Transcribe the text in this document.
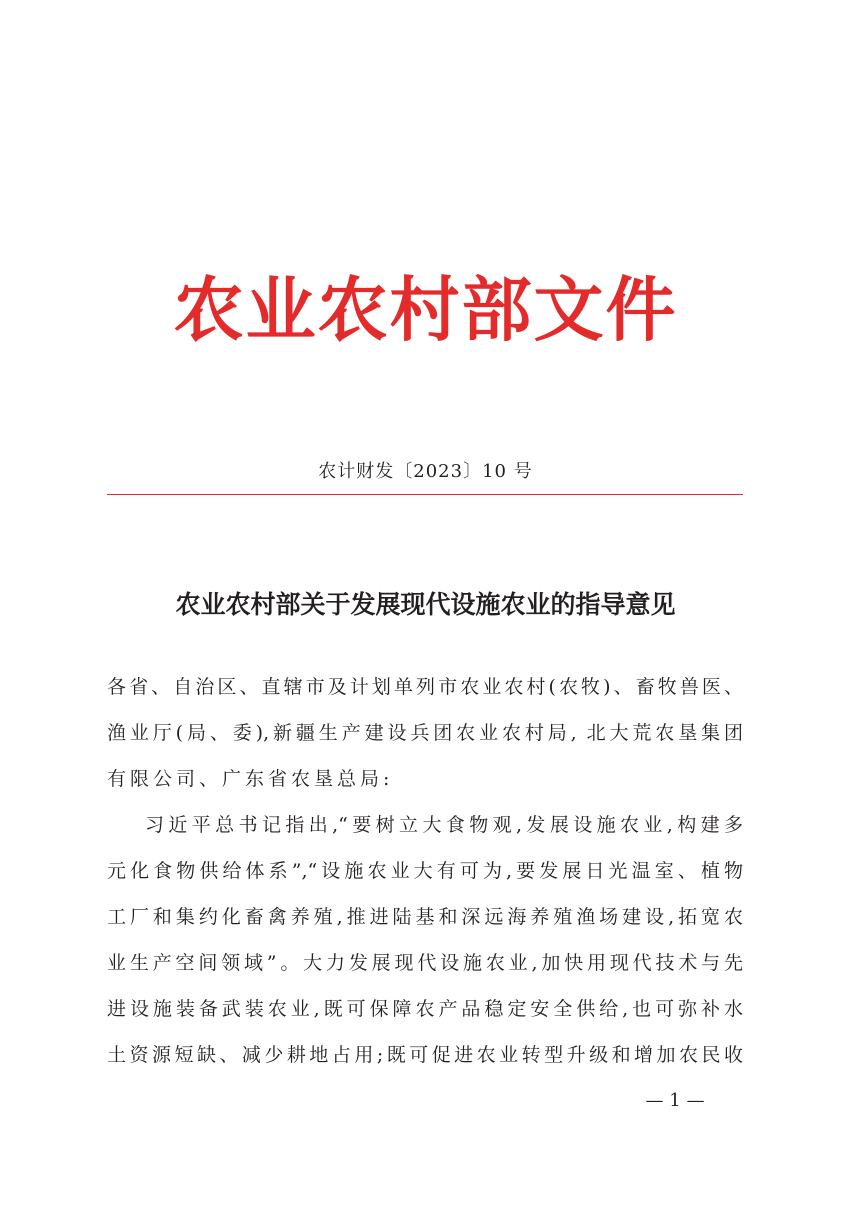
农业农村部文件
农计财发〔2023〕10 号
农业农村部关于发展现代设施农业的指导意见
各省、自治区、直辖市及计划单列市农业农村(农牧)、畜牧兽医、
渔业厅(局、委),新疆生产建设兵团农业农村局, 北大荒农垦集团
有限公司、广东省农垦总局:
习近平总书记指出,“要树立大食物观,发展设施农业,构建多
元化食物供给体系”,“设施农业大有可为,要发展日光温室、植物
工厂和集约化畜禽养殖,推进陆基和深远海养殖渔场建设,拓宽农
业生产空间领域”。大力发展现代设施农业,加快用现代技术与先
进设施装备武装农业,既可保障农产品稳定安全供给,也可弥补水
土资源短缺、减少耕地占用;既可促进农业转型升级和增加农民收
— 1 —
